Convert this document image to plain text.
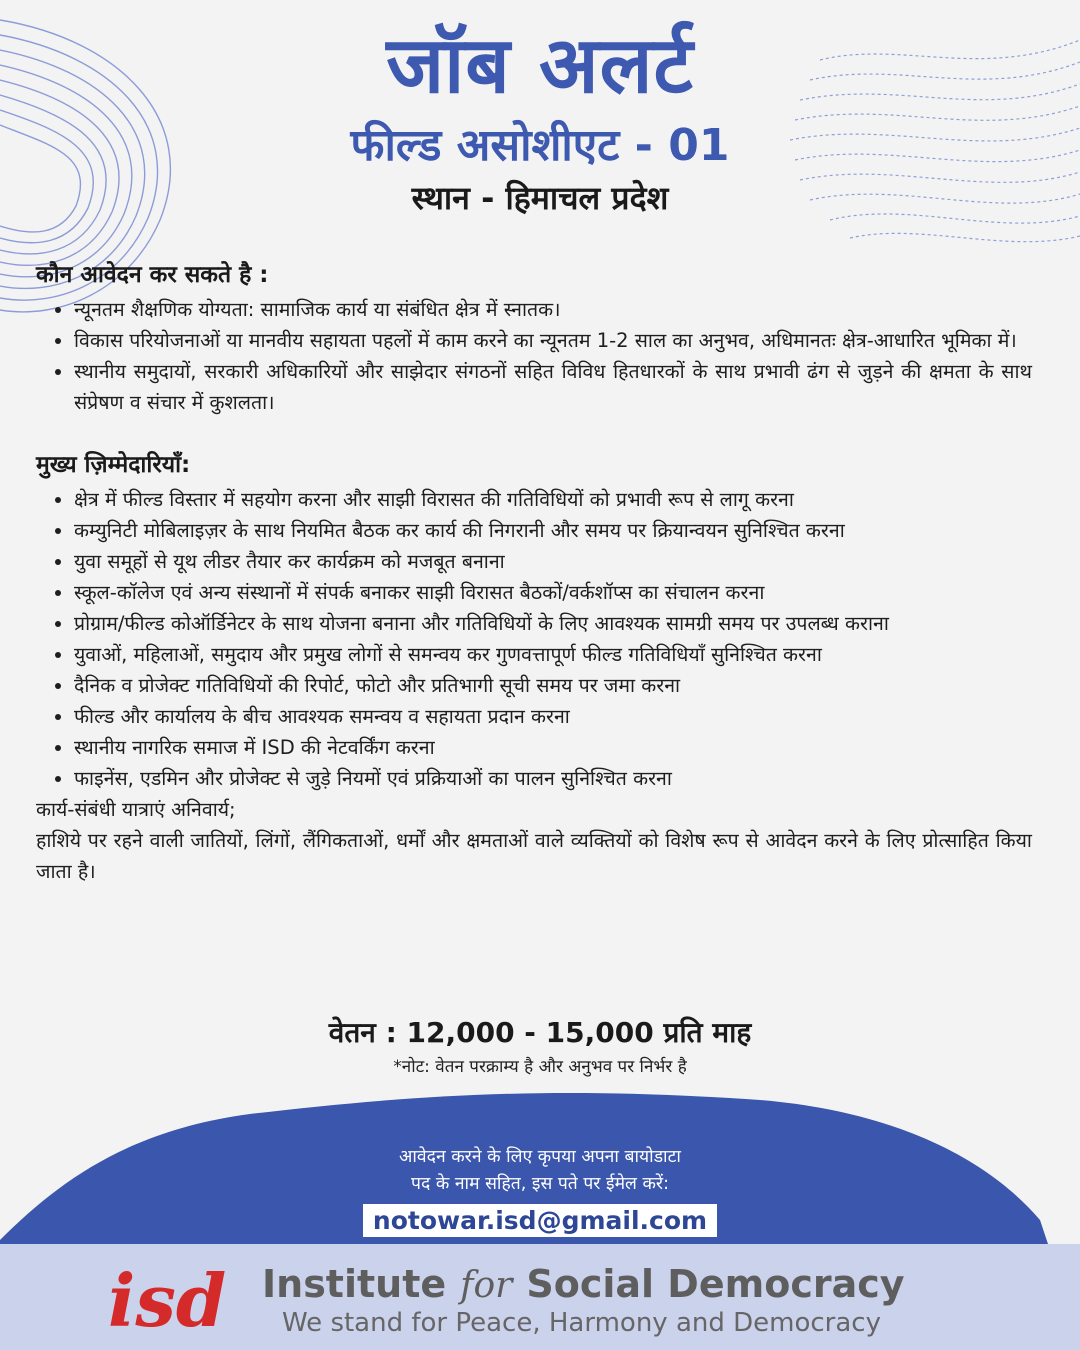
जॉब अलर्ट
फील्ड असोशीएट - 01
स्थान - हिमाचल प्रदेश
कौन आवेदन कर सकते है :
• न्यूनतम शैक्षणिक योग्यता: सामाजिक कार्य या संबंधित क्षेत्र में स्नातक।
• विकास परियोजनाओं या मानवीय सहायता पहलों में काम करने का न्यूनतम 1-2 साल का अनुभव, अधिमानतः क्षेत्र-आधारित भूमिका में।
• स्थानीय समुदायों, सरकारी अधिकारियों और साझेदार संगठनों सहित विविध हितधारकों के साथ प्रभावी ढंग से जुड़ने की क्षमता के साथ संप्रेषण व संचार में कुशलता।
मुख्य ज़िम्मेदारियाँ:
• क्षेत्र में फील्ड विस्तार में सहयोग करना और साझी विरासत की गतिविधियों को प्रभावी रूप से लागू करना
• कम्युनिटी मोबिलाइज़र के साथ नियमित बैठक कर कार्य की निगरानी और समय पर क्रियान्वयन सुनिश्चित करना
• युवा समूहों से यूथ लीडर तैयार कर कार्यक्रम को मजबूत बनाना
• स्कूल-कॉलेज एवं अन्य संस्थानों में संपर्क बनाकर साझी विरासत बैठकों/वर्कशॉप्स का संचालन करना
• प्रोग्राम/फील्ड कोऑर्डिनेटर के साथ योजना बनाना और गतिविधियों के लिए आवश्यक सामग्री समय पर उपलब्ध कराना
• युवाओं, महिलाओं, समुदाय और प्रमुख लोगों से समन्वय कर गुणवत्तापूर्ण फील्ड गतिविधियाँ सुनिश्चित करना
• दैनिक व प्रोजेक्ट गतिविधियों की रिपोर्ट, फोटो और प्रतिभागी सूची समय पर जमा करना
• फील्ड और कार्यालय के बीच आवश्यक समन्वय व सहायता प्रदान करना
• स्थानीय नागरिक समाज में ISD की नेटवर्किंग करना
• फाइनेंस, एडमिन और प्रोजेक्ट से जुड़े नियमों एवं प्रक्रियाओं का पालन सुनिश्चित करना
कार्य-संबंधी यात्राएं अनिवार्य;
हाशिये पर रहने वाली जातियों, लिंगों, लैंगिकताओं, धर्मों और क्षमताओं वाले व्यक्तियों को विशेष रूप से आवेदन करने के लिए प्रोत्साहित किया जाता है।
वेतन : 12,000 - 15,000 प्रति माह
*नोट: वेतन परक्राम्य है और अनुभव पर निर्भर है
आवेदन करने के लिए कृपया अपना बायोडाटा
पद के नाम सहित, इस पते पर ईमेल करें:
notowar.isd@gmail.com
isd Institute for Social Democracy
We stand for Peace, Harmony and Democracy
